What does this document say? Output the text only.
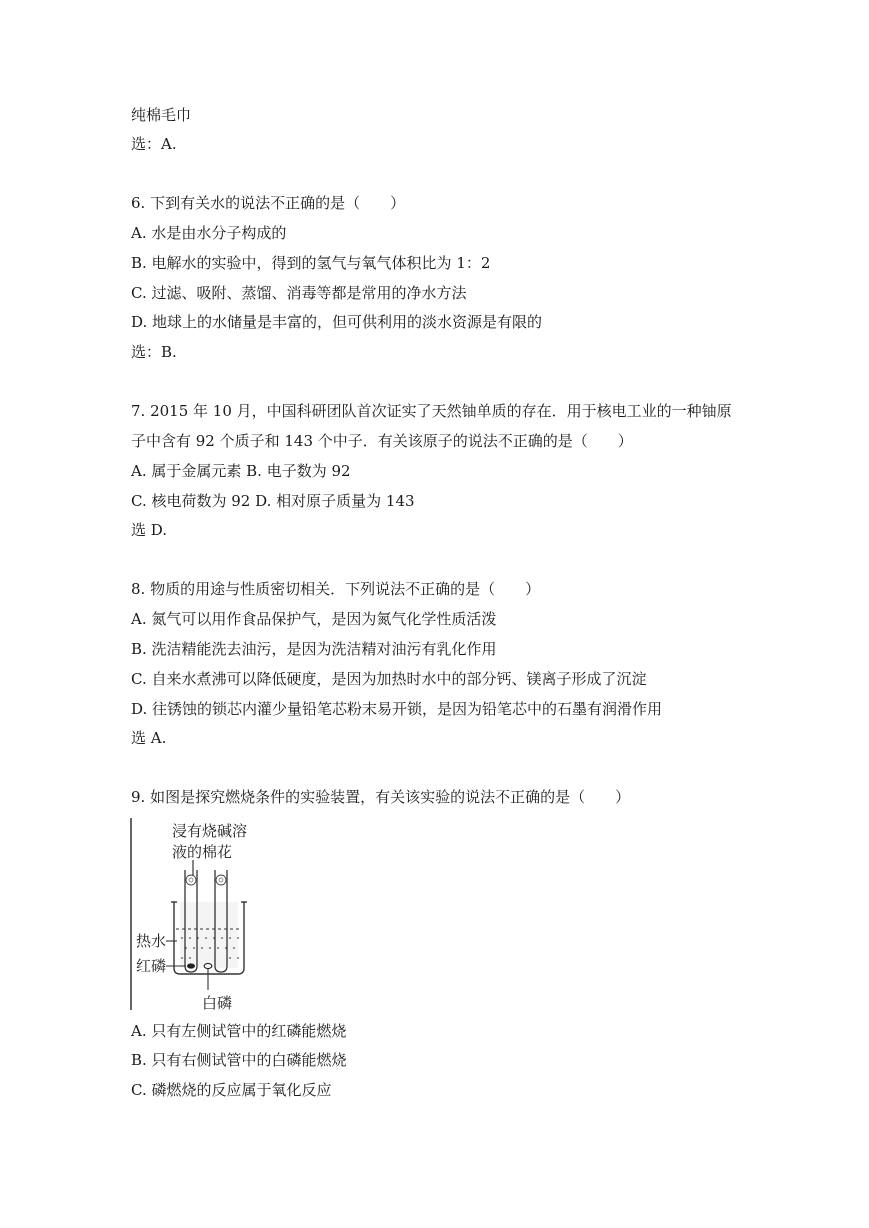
纯棉毛巾
选：A.
6. 下到有关水的说法不正确的是（　　）
A. 水是由水分子构成的
B. 电解水的实验中，得到的氢气与氧气体积比为 1：2
C. 过滤、吸附、蒸馏、消毒等都是常用的净水方法
D. 地球上的水储量是丰富的，但可供利用的淡水资源是有限的
选：B.
7. 2015 年 10 月，中国科研团队首次证实了天然铀单质的存在．用于核电工业的一种铀原
子中含有 92 个质子和 143 个中子．有关该原子的说法不正确的是（　　）
A. 属于金属元素 B. 电子数为 92
C. 核电荷数为 92 D. 相对原子质量为 143
选 D.
8. 物质的用途与性质密切相关．下列说法不正确的是（　　）
A. 氮气可以用作食品保护气，是因为氮气化学性质活泼
B. 洗洁精能洗去油污，是因为洗洁精对油污有乳化作用
C. 自来水煮沸可以降低硬度，是因为加热时水中的部分钙、镁离子形成了沉淀
D. 往锈蚀的锁芯内灌少量铅笔芯粉末易开锁，是因为铅笔芯中的石墨有润滑作用
选 A.
9. 如图是探究燃烧条件的实验装置，有关该实验的说法不正确的是（　　）
浸有烧碱溶
液的棉花
热水
红磷
白磷
A. 只有左侧试管中的红磷能燃烧
B. 只有右侧试管中的白磷能燃烧
C. 磷燃烧的反应属于氧化反应
